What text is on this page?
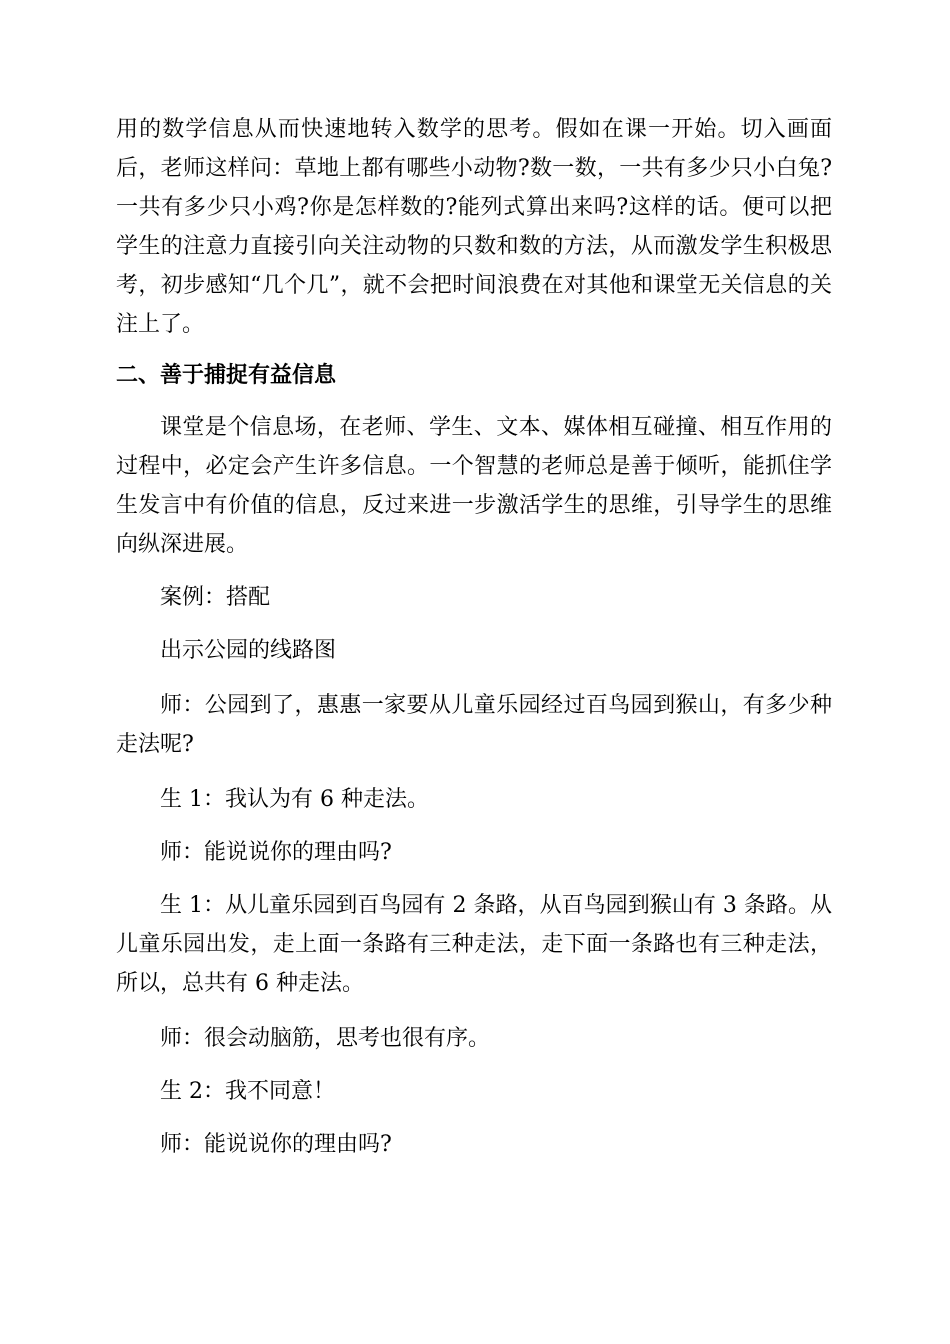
用的数学信息从而快速地转入数学的思考。假如在课一开始。切入画面后，老师这样问：草地上都有哪些小动物?数一数，一共有多少只小白兔?一共有多少只小鸡?你是怎样数的?能列式算出来吗?这样的话。便可以把学生的注意力直接引向关注动物的只数和数的方法，从而激发学生积极思考，初步感知“几个几”，就不会把时间浪费在对其他和课堂无关信息的关注上了。

二、善于捕捉有益信息

课堂是个信息场，在老师、学生、文本、媒体相互碰撞、相互作用的过程中，必定会产生许多信息。一个智慧的老师总是善于倾听，能抓住学生发言中有价值的信息，反过来进一步激活学生的思维，引导学生的思维向纵深进展。

案例：搭配

出示公园的线路图

师：公园到了，惠惠一家要从儿童乐园经过百鸟园到猴山，有多少种走法呢?

生 1：我认为有 6 种走法。

师：能说说你的理由吗?

生 1：从儿童乐园到百鸟园有 2 条路，从百鸟园到猴山有 3 条路。从儿童乐园出发，走上面一条路有三种走法，走下面一条路也有三种走法，所以，总共有 6 种走法。

师：很会动脑筋，思考也很有序。

生 2：我不同意！

师：能说说你的理由吗?
